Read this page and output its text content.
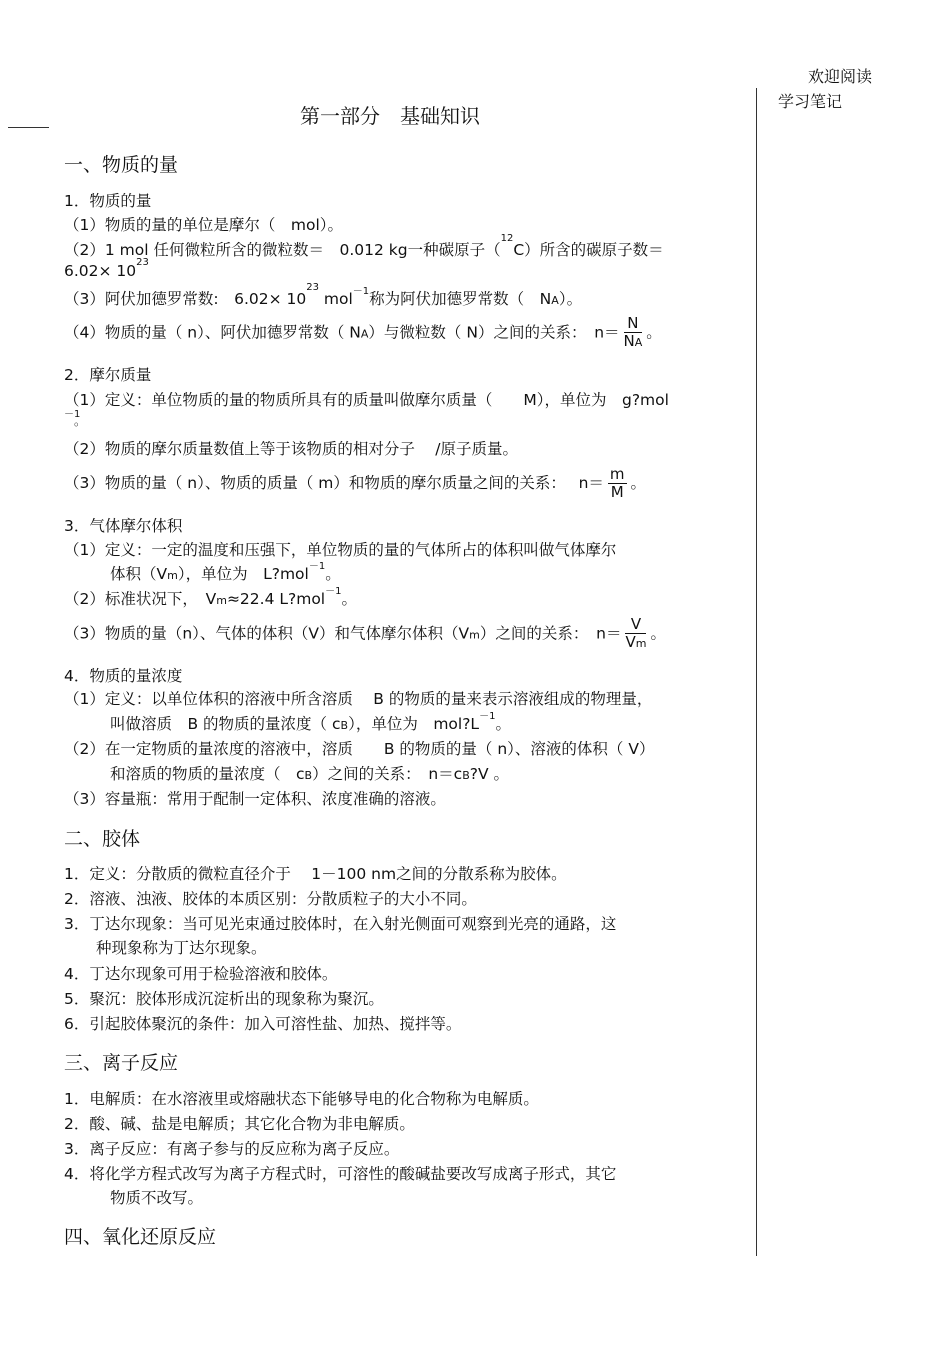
欢迎阅读
学习笔记
第一部分　基础知识
一、物质的量
1．物质的量
（1）物质的量的单位是摩尔（　mol）。
（2）1 mol 任何微粒所含的微粒数＝　0.012 kg一种碳原子（$^{12}$C）所含的碳原子数＝
$6.02\times 10^{23}$
（3）阿伏加德罗常数:　$6.02\times 10^{23}$ mol$^{-1}$称为阿伏加德罗常数（　NA）。
（4）物质的量（ n）、阿伏加德罗常数（ NA）与微粒数（ N）之间的关系：　$n= \frac{N}{NA}$ 。
2．摩尔质量
（1）定义：单位物质的量的物质所具有的质量叫做摩尔质量（　　M），单位为　g?mol
－1
。
（2）物质的摩尔质量数值上等于该物质的相对分子　 /原子质量。
（3）物质的量（ n）、物质的质量（ m）和物质的摩尔质量之间的关系：　 $n= \frac{m}{M}$ 。
3．气体摩尔体积
（1）定义：一定的温度和压强下，单位物质的量的气体所占的体积叫做气体摩尔
体积（Vm），单位为　L?mol$^{-1}$。
（2）标准状况下，　Vm≈22.4 L?mol$^{-1}$。
（3）物质的量（n）、气体的体积（V）和气体摩尔体积（Vm）之间的关系：　$n= \frac{V}{Vm}$ 。
4．物质的量浓度
（1）定义：以单位体积的溶液中所含溶质　 B 的物质的量来表示溶液组成的物理量，
叫做溶质　B 的物质的量浓度（ cB），单位为　$mol?L^{-1}$。
（2）在一定物质的量浓度的溶液中，溶质　　B 的物质的量（ n）、溶液的体积（ V）
和溶质的物质的量浓度（　cB）之间的关系：　n＝cB?V 。
（3）容量瓶：常用于配制一定体积、浓度准确的溶液。
二、胶体
1．定义：分散质的微粒直径介于　 1－100 nm之间的分散系称为胶体。
2．溶液、浊液、胶体的本质区别：分散质粒子的大小不同。
3．丁达尔现象：当可见光束通过胶体时，在入射光侧面可观察到光亮的通路，这
种现象称为丁达尔现象。
4．丁达尔现象可用于检验溶液和胶体。
5．聚沉：胶体形成沉淀析出的现象称为聚沉。
6．引起胶体聚沉的条件：加入可溶性盐、加热、搅拌等。
三、离子反应
1．电解质：在水溶液里或熔融状态下能够导电的化合物称为电解质。
2．酸、碱、盐是电解质；其它化合物为非电解质。
3．离子反应：有离子参与的反应称为离子反应。
4．将化学方程式改写为离子方程式时，可溶性的酸碱盐要改写成离子形式，其它
物质不改写。
四、氧化还原反应
